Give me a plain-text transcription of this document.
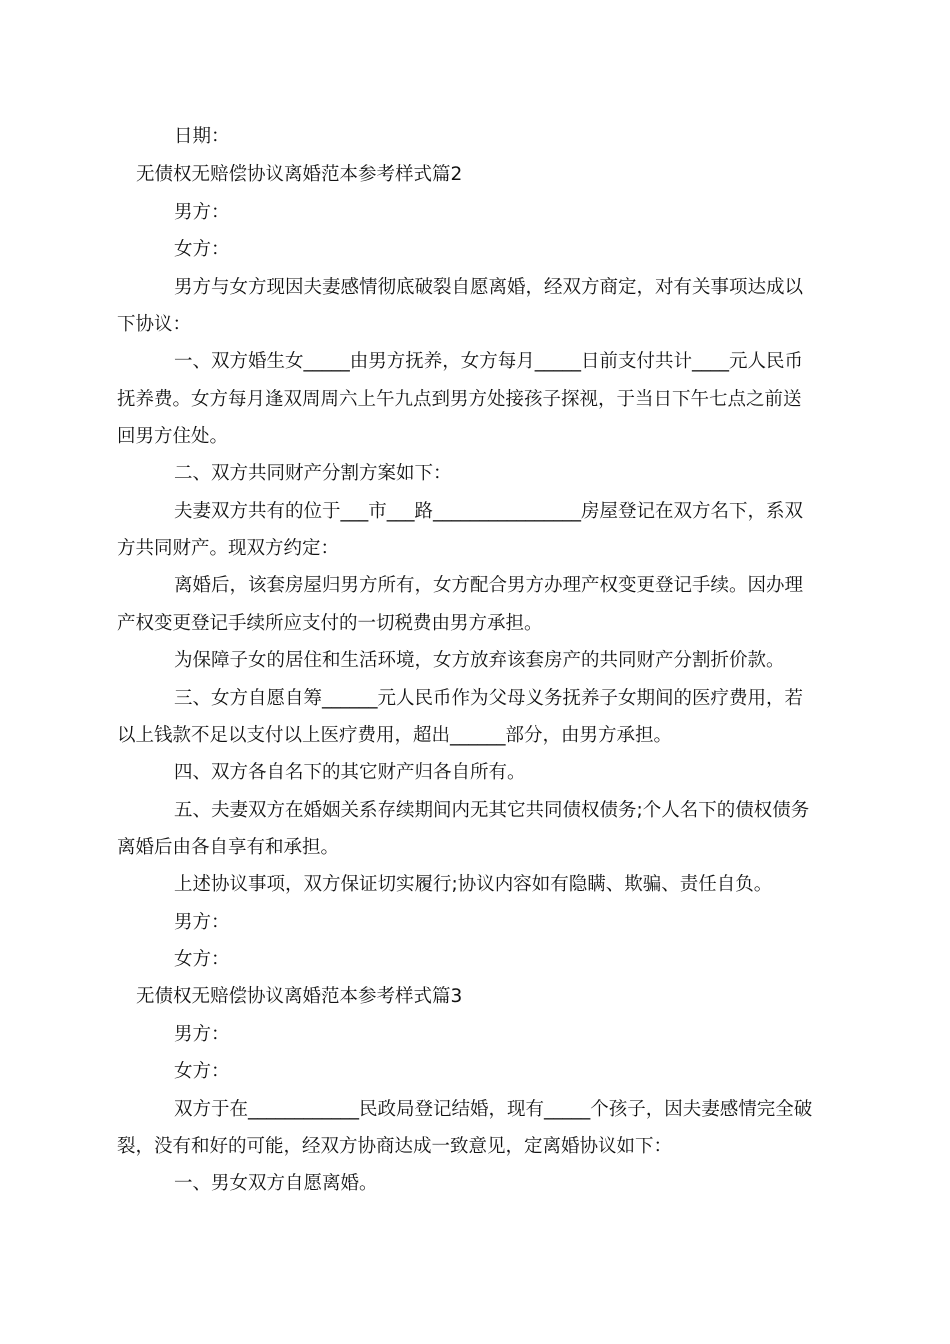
日期：
无债权无赔偿协议离婚范本参考样式篇2
男方：
女方：
男方与女方现因夫妻感情彻底破裂自愿离婚，经双方商定，对有关事项达成以
下协议：
一、双方婚生女_____由男方抚养，女方每月_____日前支付共计____元人民币
抚养费。女方每月逢双周周六上午九点到男方处接孩子探视，于当日下午七点之前送
回男方住处。
二、双方共同财产分割方案如下：
夫妻双方共有的位于___市___路________________房屋登记在双方名下，系双
方共同财产。现双方约定：
离婚后，该套房屋归男方所有，女方配合男方办理产权变更登记手续。因办理
产权变更登记手续所应支付的一切税费由男方承担。
为保障子女的居住和生活环境，女方放弃该套房产的共同财产分割折价款。
三、女方自愿自筹______元人民币作为父母义务抚养子女期间的医疗费用，若
以上钱款不足以支付以上医疗费用，超出______部分，由男方承担。
四、双方各自名下的其它财产归各自所有。
五、夫妻双方在婚姻关系存续期间内无其它共同债权债务;个人名下的债权债务
离婚后由各自享有和承担。
上述协议事项，双方保证切实履行;协议内容如有隐瞒、欺骗、责任自负。
男方：
女方：
无债权无赔偿协议离婚范本参考样式篇3
男方：
女方：
双方于在____________民政局登记结婚，现有_____个孩子，因夫妻感情完全破
裂，没有和好的可能，经双方协商达成一致意见，定离婚协议如下：
一、男女双方自愿离婚。
